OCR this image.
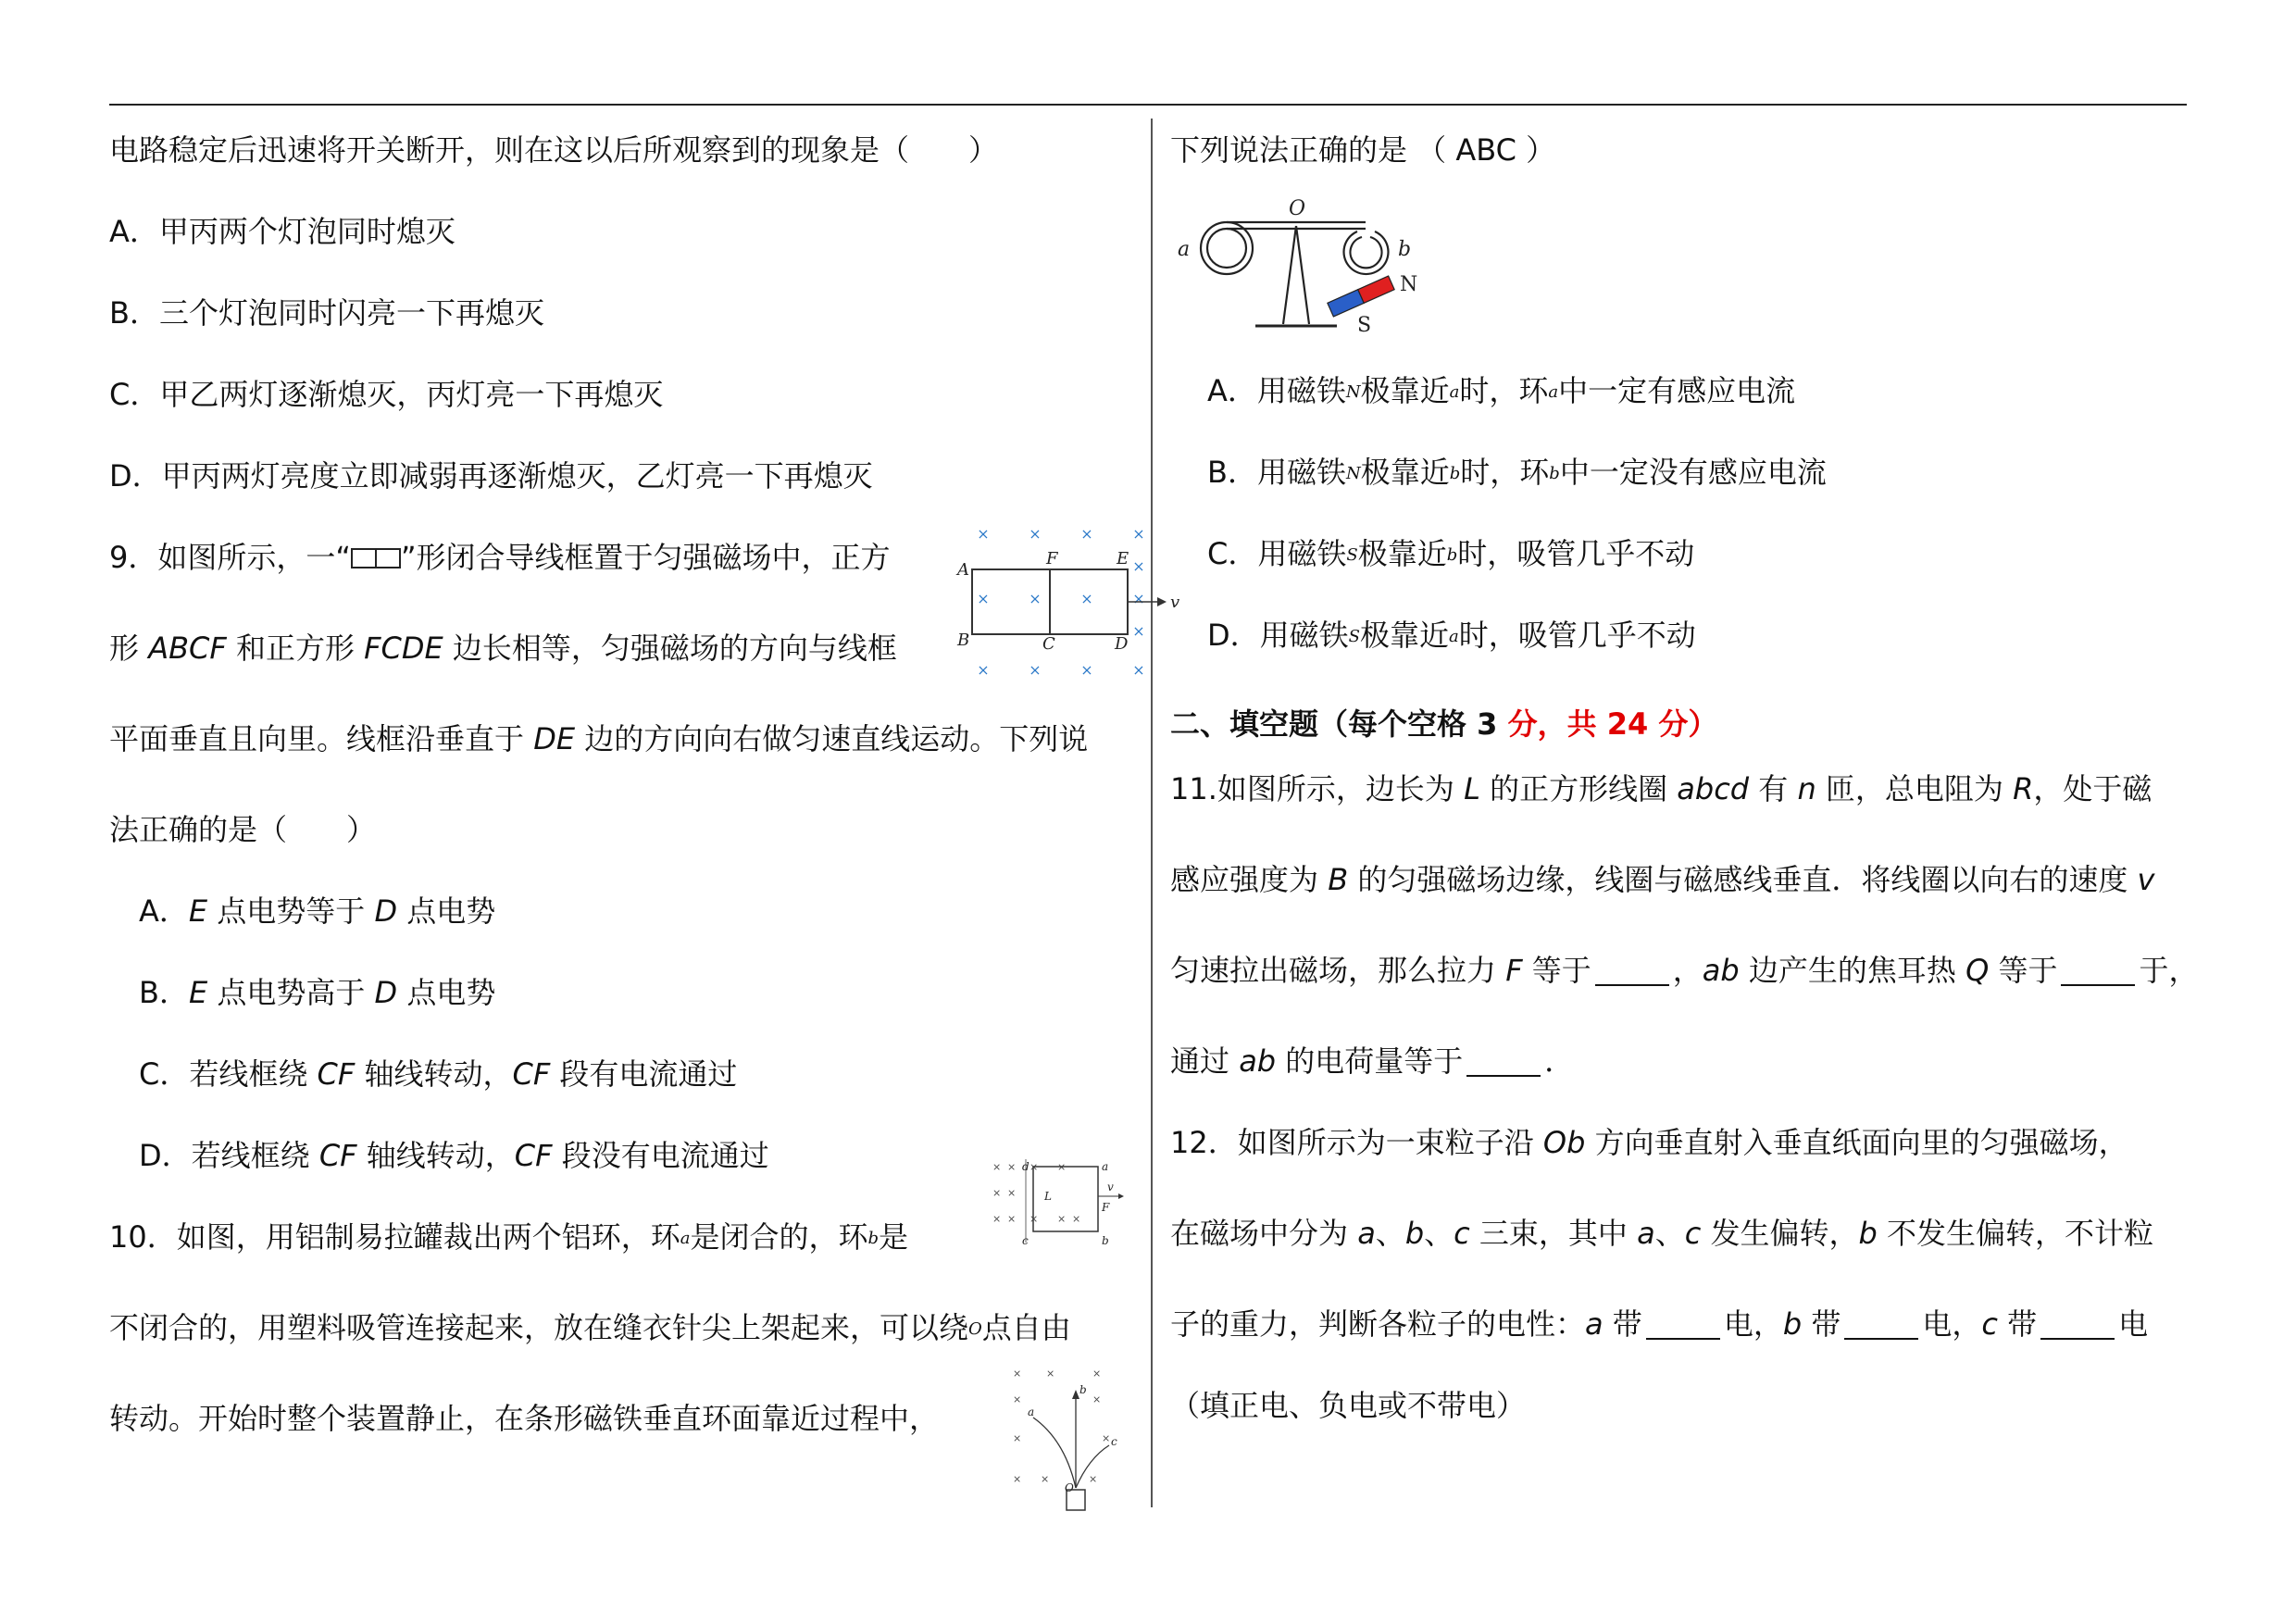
电路稳定后迅速将开关断开，则在这以后所观察到的现象是（　　）
A．甲丙两个灯泡同时熄灭
B．三个灯泡同时闪亮一下再熄灭
C．甲乙两灯逐渐熄灭，丙灯亮一下再熄灭
D．甲丙两灯亮度立即减弱再逐渐熄灭，乙灯亮一下再熄灭
9．如图所示，一“ ”形闭合导线框置于匀强磁场中，正方
形 ABCF 和正方形 FCDE 边长相等，匀强磁场的方向与线框
平面垂直且向里。线框沿垂直于 DE 边的方向向右做匀速直线运动。下列说
法正确的是（　　）
A．E 点电势等于 D 点电势
B．E 点电势高于 D 点电势
C．若线框绕 CF 轴线转动，CF 段有电流通过
D．若线框绕 CF 轴线转动，CF 段没有电流通过
10．如图，用铝制易拉罐裁出两个铝环，环a是闭合的，环b是
不闭合的，用塑料吸管连接起来，放在缝衣针尖上架起来，可以绕O点自由
转动。开始时整个装置静止，在条形磁铁垂直环面靠近过程中，
×	×	×	×
×	×	×	×
×	×	×	×
×
×
A
F	E
B	C	D
v
× ×
× ×
× ×
×
× × ×
×
d	a
L
F
c	b
v
× ×	×
×	×
×	×
× ×	×
a
b
c
O
下列说法正确的是 （ ABC ）
A．用磁铁N极靠近a时，环a中一定有感应电流
B．用磁铁N极靠近b时，环b中一定没有感应电流
C．用磁铁S极靠近b时，吸管几乎不动
D．用磁铁S极靠近a时，吸管几乎不动
二、填空题（每个空格 3 分，共 24 分）
11.如图所示，边长为 L 的正方形线圈 abcd 有 n 匝，总电阻为 R，处于磁
感应强度为 B 的匀强磁场边缘，线圈与磁感线垂直．将线圈以向右的速度 v
匀速拉出磁场，那么拉力 F 等于	，ab 边产生的焦耳热 Q 等于	于，
通过 ab 的电荷量等于	．
12．如图所示为一束粒子沿 Ob 方向垂直射入垂直纸面向里的匀强磁场，
在磁场中分为 a、b、c 三束，其中 a、c 发生偏转，b 不发生偏转，不计粒
子的重力，判断各粒子的电性：a 带	电，b 带	电，c 带	电
（填正电、负电或不带电）
O
a	b
N
S
